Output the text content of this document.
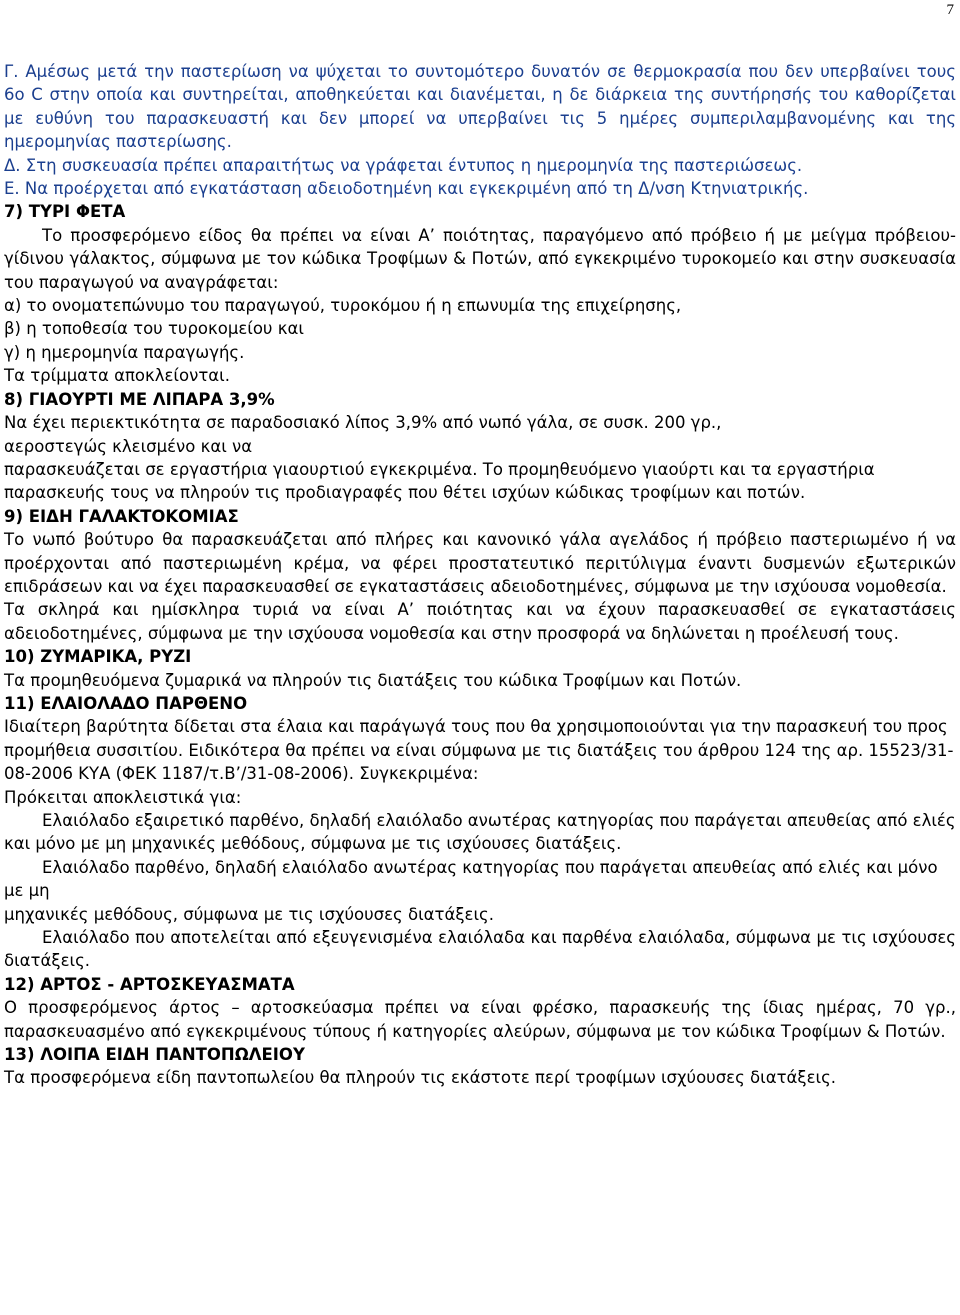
7

Γ. Αμέσως μετά την παστερίωση να ψύχεται το συντομότερο δυνατόν σε θερμοκρασία που δεν υπερβαίνει τους 6ο C στην οποία και συντηρείται, αποθηκεύεται και διανέμεται, η δε διάρκεια της συντήρησής του καθορίζεται με ευθύνη του παρασκευαστή και δεν μπορεί να υπερβαίνει τις 5 ημέρες συμπεριλαμβανομένης και της ημερομηνίας παστερίωσης.

Δ. Στη συσκευασία πρέπει απαραιτήτως να γράφεται έντυπος η ημερομηνία της παστεριώσεως.

Ε. Να προέρχεται από εγκατάσταση αδειοδοτημένη και εγκεκριμένη από τη Δ/νση Κτηνιατρικής.

7) ΤΥΡΙ ΦΕΤΑ

Το προσφερόμενο είδος θα πρέπει να είναι Α’ ποιότητας, παραγόμενο από πρόβειο ή με μείγμα πρόβειου-γίδινου γάλακτος, σύμφωνα με τον κώδικα Τροφίμων & Ποτών, από εγκεκριμένο τυροκομείο και στην συσκευασία του παραγωγού να αναγράφεται:

α) το ονοματεπώνυμο του παραγωγού, τυροκόμου ή η επωνυμία της επιχείρησης,

β) η τοποθεσία του τυροκομείου και

γ) η ημερομηνία παραγωγής.

Τα τρίμματα αποκλείονται.

8) ΓΙΑΟΥΡΤΙ ΜΕ ΛΙΠΑΡΑ 3,9%

Να έχει περιεκτικότητα σε παραδοσιακό λίπος 3,9% από νωπό γάλα, σε συσκ. 200 γρ.,

αεροστεγώς κλεισμένο και να

παρασκευάζεται σε εργαστήρια γιαουρτιού εγκεκριμένα. Το προμηθευόμενο γιαούρτι και τα εργαστήρια παρασκευής τους να πληρούν τις προδιαγραφές που θέτει ισχύων κώδικας τροφίμων και ποτών.

9) ΕΙΔΗ ΓΑΛΑΚΤΟΚΟΜΙΑΣ

Το νωπό βούτυρο θα παρασκευάζεται από πλήρες και κανονικό γάλα αγελάδος ή πρόβειο παστεριωμένο ή να προέρχονται από παστεριωμένη κρέμα, να φέρει προστατευτικό περιτύλιγμα έναντι δυσμενών εξωτερικών επιδράσεων και να έχει παρασκευασθεί σε εγκαταστάσεις αδειοδοτημένες, σύμφωνα με την ισχύουσα νομοθεσία.

Τα σκληρά και ημίσκληρα τυριά να είναι Α’ ποιότητας και να έχουν παρασκευασθεί σε εγκαταστάσεις αδειοδοτημένες, σύμφωνα με την ισχύουσα νομοθεσία και στην προσφορά να δηλώνεται η προέλευσή τους.

10) ΖΥΜΑΡΙΚΑ, ΡΥΖΙ

Τα προμηθευόμενα ζυμαρικά να πληρούν τις διατάξεις του κώδικα Τροφίμων και Ποτών.

11) ΕΛΑΙΟΛΑΔΟ ΠΑΡΘΕΝΟ

Ιδιαίτερη βαρύτητα δίδεται στα έλαια και παράγωγά τους που θα χρησιμοποιούνται για την παρασκευή του προς

προμήθεια συσσιτίου. Ειδικότερα θα πρέπει να είναι σύμφωνα με τις διατάξεις του άρθρου 124 της αρ. 15523/31-08-2006 ΚΥΑ (ΦΕΚ 1187/τ.Β’/31-08-2006). Συγκεκριμένα:

Πρόκειται αποκλειστικά για:

Ελαιόλαδο εξαιρετικό παρθένο, δηλαδή ελαιόλαδο ανωτέρας κατηγορίας που παράγεται απευθείας από ελιές και μόνο με μη μηχανικές μεθόδους, σύμφωνα με τις ισχύουσες διατάξεις.

Ελαιόλαδο παρθένο, δηλαδή ελαιόλαδο ανωτέρας κατηγορίας που παράγεται απευθείας από ελιές και μόνο με μη

μηχανικές μεθόδους, σύμφωνα με τις ισχύουσες διατάξεις.

Ελαιόλαδο που αποτελείται από εξευγενισμένα ελαιόλαδα και παρθένα ελαιόλαδα, σύμφωνα με τις ισχύουσες διατάξεις.

12) ΑΡΤΟΣ - ΑΡΤΟΣΚΕΥΑΣΜΑΤΑ

Ο προσφερόμενος άρτος – αρτοσκεύασμα πρέπει να είναι φρέσκο, παρασκευής της ίδιας ημέρας, 70 γρ., παρασκευασμένο από εγκεκριμένους τύπους ή κατηγορίες αλεύρων, σύμφωνα με τον κώδικα Τροφίμων & Ποτών.

13) ΛΟΙΠΑ ΕΙΔΗ ΠΑΝΤΟΠΩΛΕΙΟΥ

Τα προσφερόμενα είδη παντοπωλείου θα πληρούν τις εκάστοτε περί τροφίμων ισχύουσες διατάξεις.
